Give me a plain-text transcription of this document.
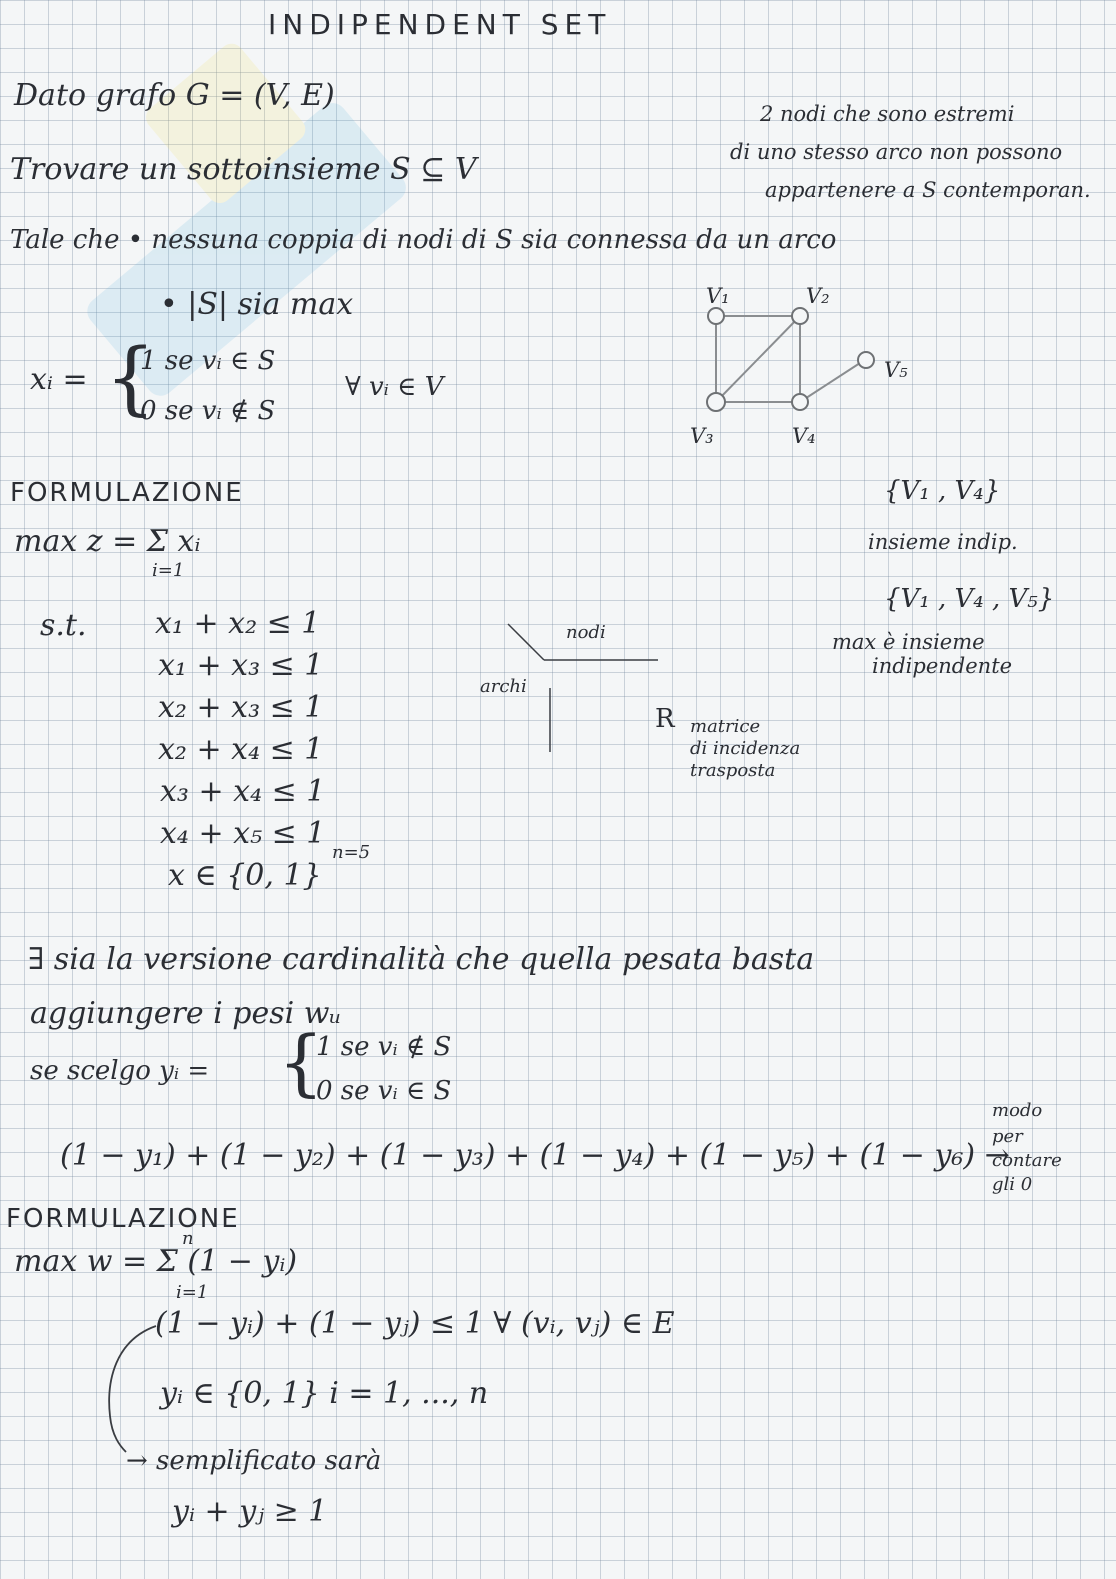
INDIPENDENT SET
Dato grafo G = (V, E)
Trovare un sottoinsieme S ⊆ V
Tale che • nessuna coppia di nodi di S sia connessa da un arco
• |S| sia max
2 nodi che sono estremi
di uno stesso arco non possono
appartenere a S contemporan.
xᵢ = {
1 se vᵢ ∈ S
0 se vᵢ ∉ S
∀ vᵢ ∈ V
V₁	V₂
V₃	V₄
V₅
{V₁ , V₄}
insieme indip.
{V₁ , V₄ , V₅}
max è insieme
indipendente
FORMULAZIONE
max z = Σ xᵢ
i=1
s.t. x₁ + x₂ ≤ 1
x₁ + x₃ ≤ 1
x₂ + x₃ ≤ 1
x₂ + x₄ ≤ 1
x₃ + x₄ ≤ 1
x₄ + x₅ ≤ 1
x ∈ {0, 1}
n=5
nodi
archi
R matrice
di incidenza
trasposta
∃ sia la versione cardinalità che quella pesata basta
aggiungere i pesi wᵤ
se scelgo yᵢ = {
1 se vᵢ ∉ S
0 se vᵢ ∈ S
(1 − y₁) + (1 − y₂) + (1 − y₃) + (1 − y₄) + (1 − y₅) + (1 − y₆) →
modo
per
contare
gli 0
FORMULAZIONE
n
max w = Σ (1 − yᵢ)
i=1
(1 − yᵢ) + (1 − yⱼ) ≤ 1 ∀ (vᵢ, vⱼ) ∈ E
yᵢ ∈ {0, 1} i = 1, ..., n
→ semplificato sarà
yᵢ + yⱼ ≥ 1
